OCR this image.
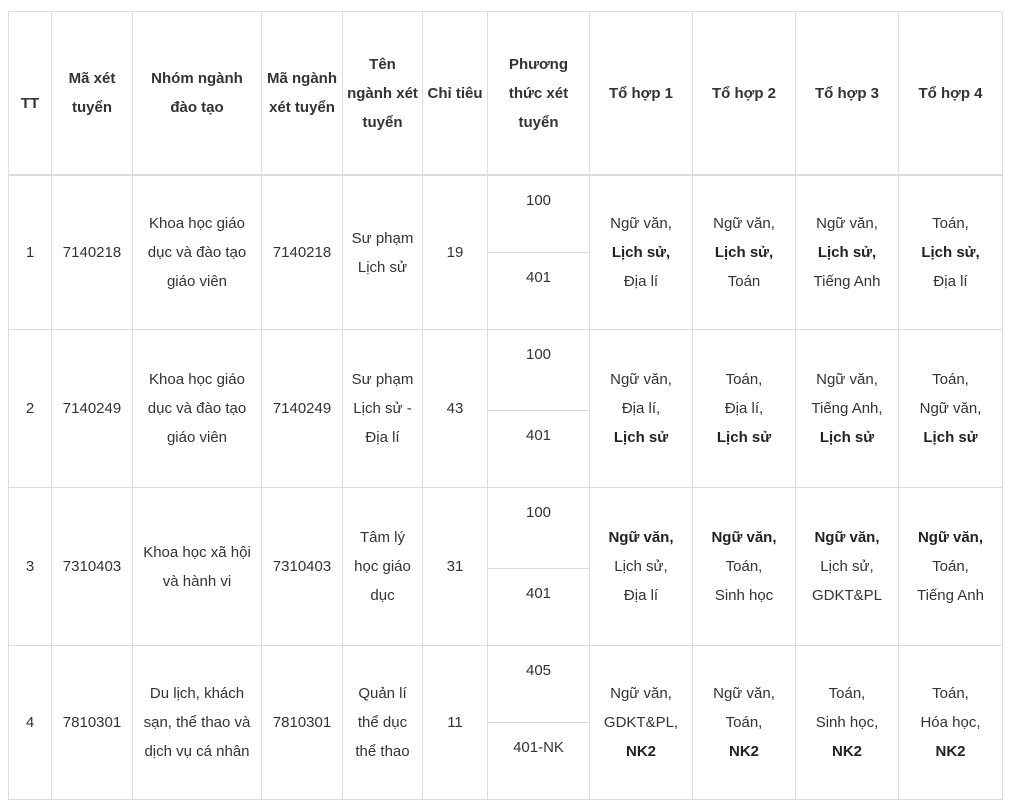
TT	Mã xét tuyển	Nhóm ngành đào tạo	Mã ngành xét tuyển	Tên ngành xét tuyển	Chỉ tiêu	Phương thức xét tuyển	Tổ hợp 1	Tổ hợp 2	Tổ hợp 3	Tổ hợp 4
1	7140218	Khoa học giáo dục và đào tạo giáo viên	7140218	Sư phạm Lịch sử	19	100	Ngữ văn,
Lịch sử,
Địa lí	Ngữ văn,
Lịch sử,
Toán	Ngữ văn,
Lịch sử,
Tiếng Anh	Toán,
Lịch sử,
Địa lí

						401				
2	7140249	Khoa học giáo dục và đào tạo giáo viên	7140249	Sư phạm Lịch sử - Địa lí	43	100	Ngữ văn,
Địa lí,
Lịch sử	Toán,
Địa lí,
Lịch sử	Ngữ văn,
Tiếng Anh,
Lịch sử	Toán,
Ngữ văn,
Lịch sử

						401				
3	7310403	Khoa học xã hội và hành vi	7310403	Tâm lý học giáo dục	31	100	Ngữ văn,
Lịch sử,
Địa lí	Ngữ văn,
Toán,
Sinh học	Ngữ văn,
Lịch sử,
GDKT&PL	Ngữ văn,
Toán,
Tiếng Anh

						401				
4	7810301	Du lịch, khách sạn, thể thao và dịch vụ cá nhân	7810301	Quản lí thể dục thể thao	11	405	Ngữ văn,
GDKT&PL,
NK2	Ngữ văn,
Toán,
NK2	Toán,
Sinh học,
NK2	Toán,
Hóa học,
NK2

						401-NK				
